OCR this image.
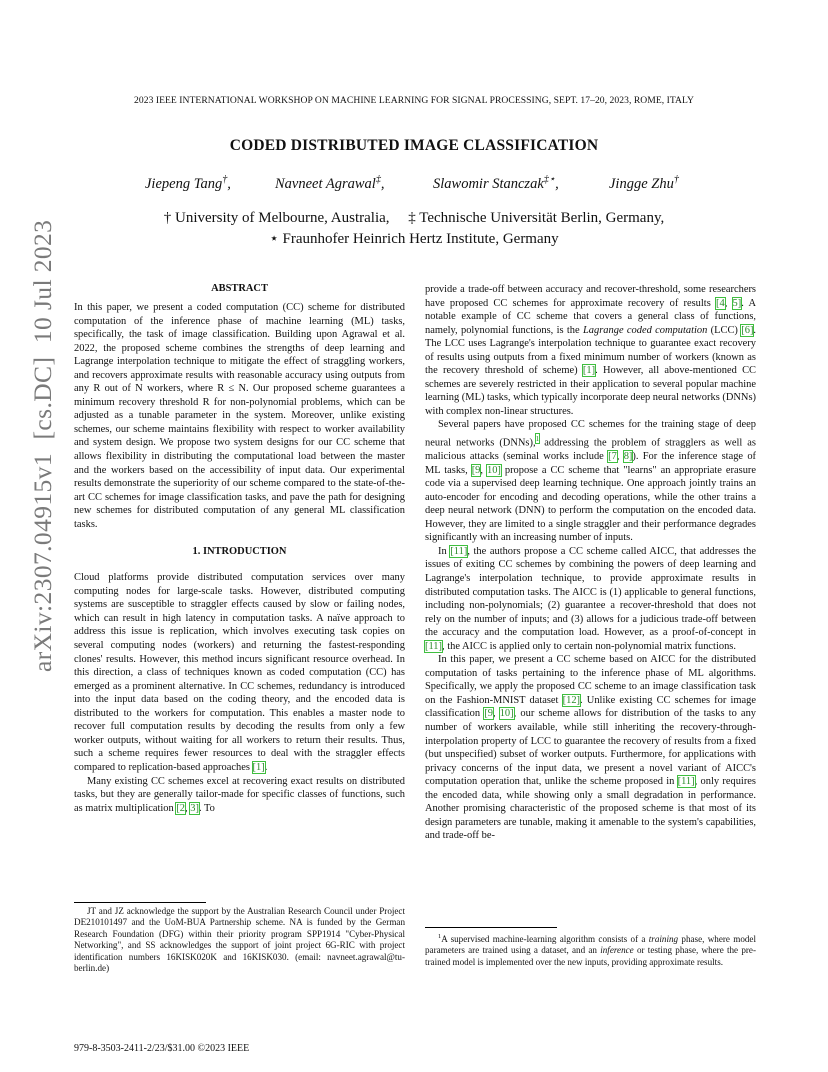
2023 IEEE INTERNATIONAL WORKSHOP ON MACHINE LEARNING FOR SIGNAL PROCESSING, SEPT. 17–20, 2023, ROME, ITALY
CODED DISTRIBUTED IMAGE CLASSIFICATION
Jiepeng Tang†,	Navneet Agrawal‡,	Slawomir Stanczak‡⋆,	Jingge Zhu†
† University of Melbourne, Australia,     ‡ Technische Universität Berlin, Germany,
⋆ Fraunhofer Heinrich Hertz Institute, Germany
arXiv:2307.04915v1  [cs.DC]  10 Jul 2023	ABSTRACT

In this paper, we present a coded computation (CC) scheme for distributed computation of the inference phase of machine learning (ML) tasks, specifically, the task of image classification. Building upon Agrawal et al. 2022, the proposed scheme combines the strengths of deep learning and Lagrange interpolation technique to mitigate the effect of straggling workers, and recovers approximate results with reasonable accuracy using outputs from any R out of N workers, where R ≤ N. Our proposed scheme guarantees a minimum recovery threshold R for non-polynomial problems, which can be adjusted as a tunable parameter in the system. Moreover, unlike existing schemes, our scheme maintains flexibility with respect to worker availability and system design. We propose two system designs for our CC scheme that allows flexibility in distributing the computational load between the master and the workers based on the accessibility of input data. Our experimental results demonstrate the superiority of our scheme compared to the state-of-the-art CC schemes for image classification tasks, and pave the path for designing new schemes for distributed computation of any general ML classification tasks.

1. INTRODUCTION

Cloud platforms provide distributed computation services over many computing nodes for large-scale tasks. However, distributed computing systems are susceptible to straggler effects caused by slow or failing nodes, which can result in high latency in computation tasks. A naïve approach to address this issue is replication, which involves executing task copies on several computing nodes (workers) and returning the fastest-responding clones' results. However, this method incurs significant resource overhead. In this direction, a class of techniques known as coded computation (CC) has emerged as a prominent alternative. In CC schemes, redundancy is introduced into the input data based on the coding theory, and the encoded data is distributed to the workers for computation. This enables a master node to recover full computation results by decoding the results from only a few worker outputs, without waiting for all workers to return their results. Thus, such a scheme requires fewer resources to deal with the straggler effects compared to replication-based approaches [1].

Many existing CC schemes excel at recovering exact results on distributed tasks, but they are generally tailor-made for specific classes of functions, such as matrix multiplication [2, 3]. To

JT and JZ acknowledge the support by the Australian Research Council under Project DE210101497 and the UoM-BUA Partnership scheme. NA is funded by the German Research Foundation (DFG) within their priority program SPP1914 "Cyber-Physical Networking", and SS acknowledges the support of joint project 6G-RIC with project identification numbers 16KISK020K and 16KISK030. (email: navneet.agrawal@tu-berlin.de)

979-8-3503-2411-2/23/$31.00 ©2023 IEEE

provide a trade-off between accuracy and recover-threshold, some researchers have proposed CC schemes for approximate recovery of results [4, 5]. A notable example of CC scheme that covers a general class of functions, namely, polynomial functions, is the Lagrange coded computation (LCC) [6]. The LCC uses Lagrange's interpolation technique to guarantee exact recovery of results using outputs from a fixed minimum number of workers (known as the recovery threshold of scheme) [1]. However, all above-mentioned CC schemes are severely restricted in their application to several popular machine learning (ML) tasks, which typically incorporate deep neural networks (DNNs) with complex non-linear structures.

Several papers have proposed CC schemes for the training stage of deep neural networks (DNNs),$^1$ addressing the problem of stragglers as well as malicious attacks (seminal works include [7, 8]). For the inference stage of ML tasks, [9, 10] propose a CC scheme that "learns" an appropriate erasure code via a supervised deep learning technique. One approach jointly trains an auto-encoder for encoding and decoding operations, while the other trains a deep neural network (DNN) to perform the computation on the encoded data. However, they are limited to a single straggler and their performance degrades significantly with an increasing number of inputs.

In [11], the authors propose a CC scheme called AICC, that addresses the issues of exiting CC schemes by combining the powers of deep learning and Lagrange's interpolation technique, to provide approximate results in distributed computation tasks. The AICC is (1) applicable to general functions, including non-polynomials; (2) guarantee a recover-threshold that does not rely on the number of inputs; and (3) allows for a judicious trade-off between the accuracy and the computation load. However, as a proof-of-concept in [11], the AICC is applied only to certain non-polynomial matrix functions.

In this paper, we present a CC scheme based on AICC for the distributed computation of tasks pertaining to the inference phase of ML algorithms. Specifically, we apply the proposed CC scheme to an image classification task on the Fashion-MNIST dataset [12]. Unlike existing CC schemes for image classification [9, 10], our scheme allows for distribution of the tasks to any number of workers available, while still inheriting the recovery-through-interpolation property of LCC to guarantee the recovery of results from a fixed (but unspecified) subset of worker outputs. Furthermore, for applications with privacy concerns of the input data, we present a novel variant of AICC's computation operation that, unlike the scheme proposed in [11], only requires the encoded data, while showing only a small degradation in performance. Another promising characteristic of the proposed scheme is that most of its design parameters are tunable, making it amenable to the system's capabilities, and trade-off be-

$^1$A supervised machine-learning algorithm consists of a training phase, where model parameters are trained using a dataset, and an inference or testing phase, where the pre-trained model is implemented over the new inputs, providing approximate results.
